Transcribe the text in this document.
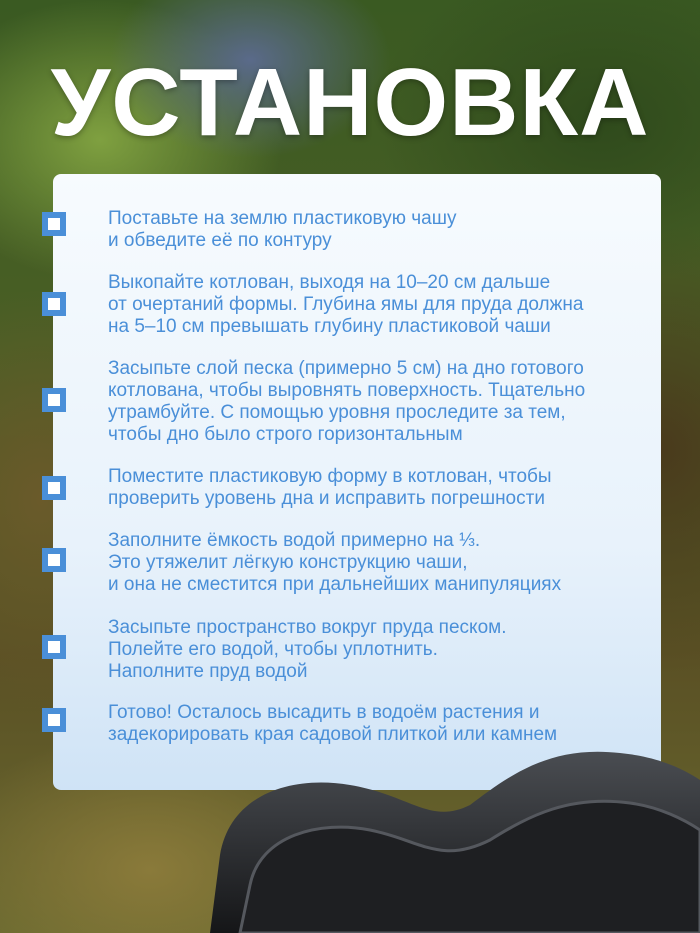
УСТАНОВКА
Поставьте на землю пластиковую чашу
и обведите её по контуру
Выкопайте котлован, выходя на 10–20 см дальше
от очертаний формы. Глубина ямы для пруда должна
на 5–10 см превышать глубину пластиковой чаши
Засыпьте слой песка (примерно 5 см) на дно готового
котлована, чтобы выровнять поверхность. Тщательно
утрамбуйте. С помощью уровня проследите за тем,
чтобы дно было строго горизонтальным
Поместите пластиковую форму в котлован, чтобы
проверить уровень дна и исправить погрешности
Заполните ёмкость водой примерно на ⅓.
Это утяжелит лёгкую конструкцию чаши,
и она не сместится при дальнейших манипуляциях
Засыпьте пространство вокруг пруда песком.
Полейте его водой, чтобы уплотнить.
Наполните пруд водой
Готово! Осталось высадить в водоём растения и
задекорировать края садовой плиткой или камнем
